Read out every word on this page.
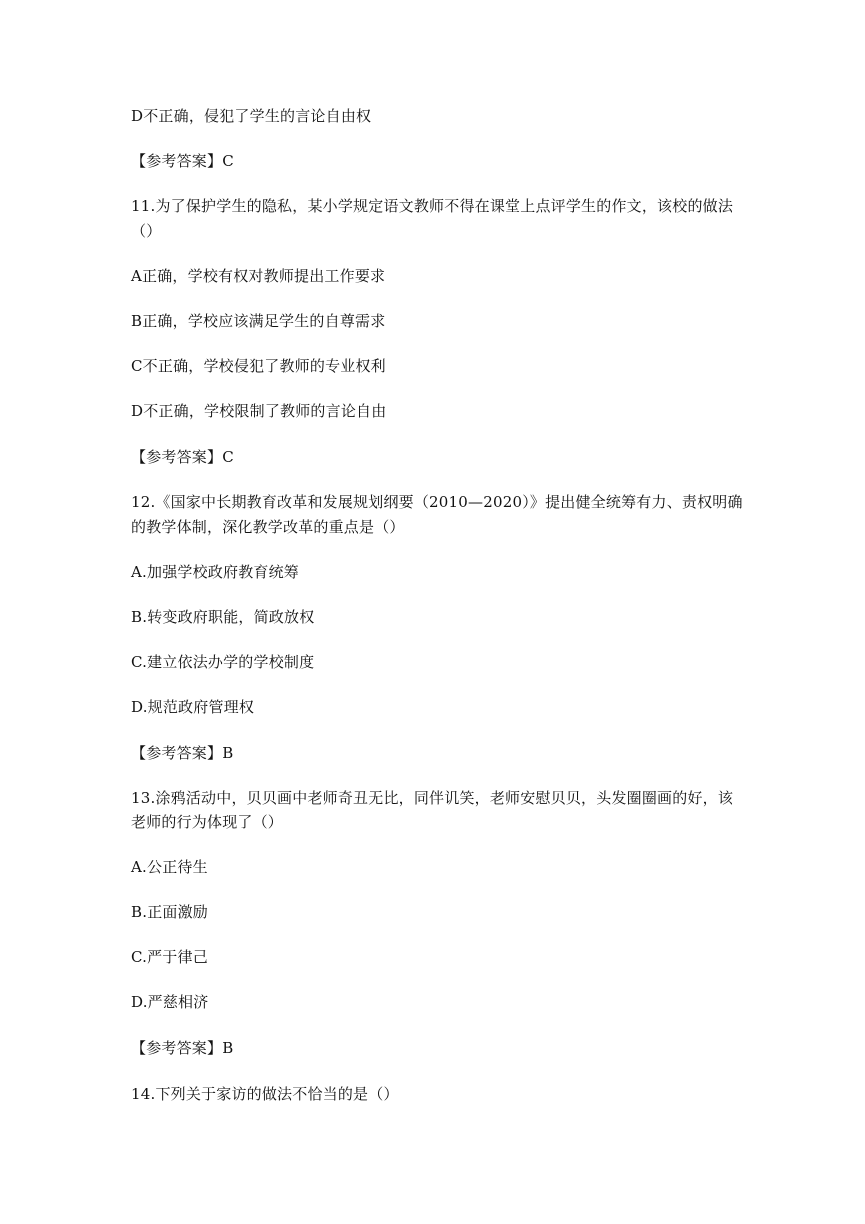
D不正确，侵犯了学生的言论自由权
【参考答案】C
11.为了保护学生的隐私，某小学规定语文教师不得在课堂上点评学生的作文，该校的做法
（）
A正确，学校有权对教师提出工作要求
B正确，学校应该满足学生的自尊需求
C不正确，学校侵犯了教师的专业权利
D不正确，学校限制了教师的言论自由
【参考答案】C
12.《国家中长期教育改革和发展规划纲要（2010—2020）》提出健全统筹有力、责权明确
的教学体制，深化教学改革的重点是（）
A.加强学校政府教育统筹
B.转变政府职能，简政放权
C.建立依法办学的学校制度
D.规范政府管理权
【参考答案】B
13.涂鸦活动中，贝贝画中老师奇丑无比，同伴讥笑，老师安慰贝贝，头发圈圈画的好，该
老师的行为体现了（）
A.公正待生
B.正面激励
C.严于律己
D.严慈相济
【参考答案】B
14.下列关于家访的做法不恰当的是（）
